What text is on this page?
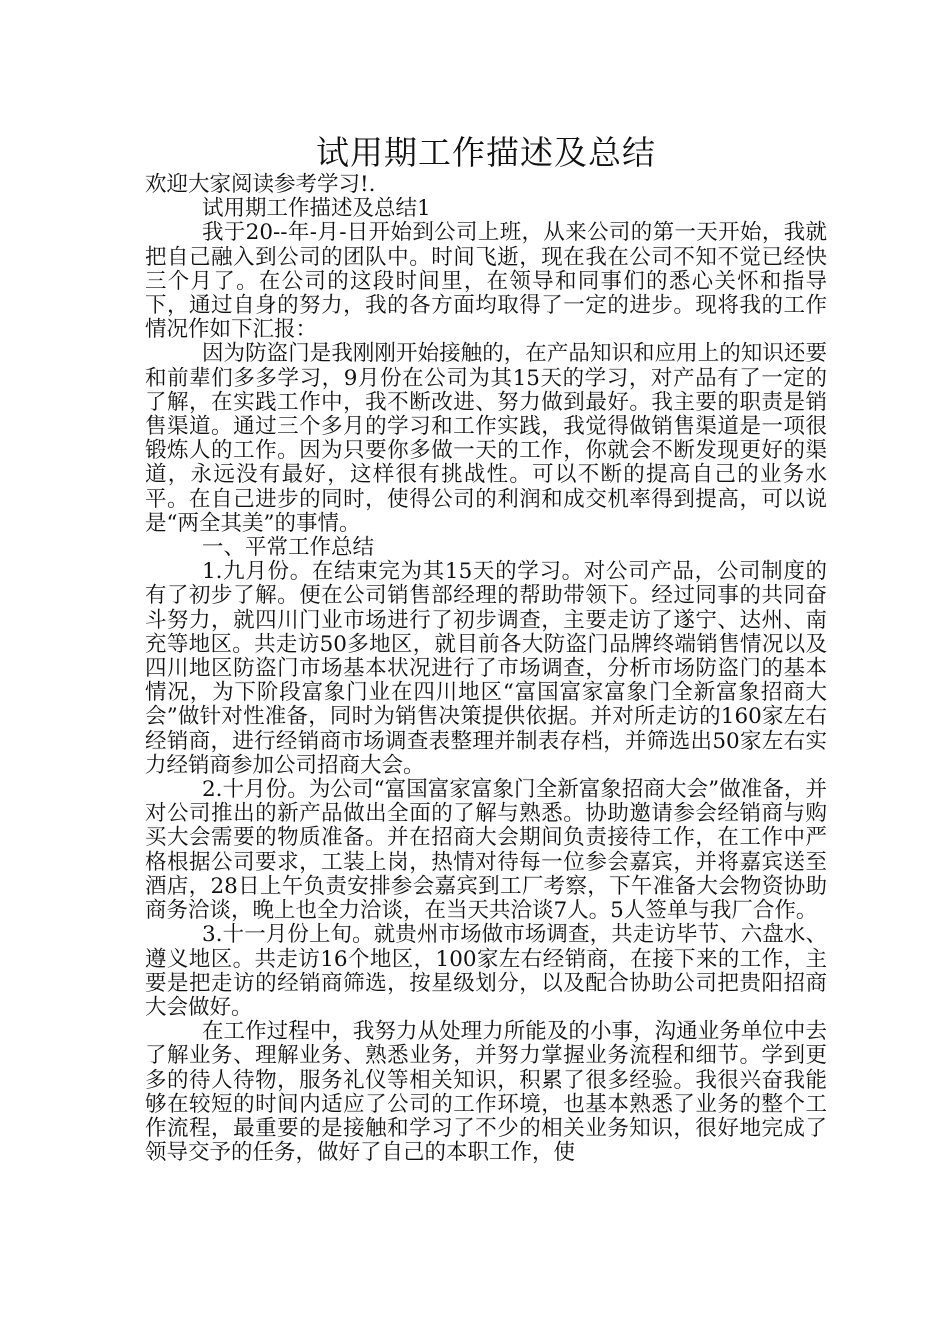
试用期工作描述及总结

欢迎大家阅读参考学习!.

试用期工作描述及总结1

我于20--年-月-日开始到公司上班，从来公司的第一天开始，我就把自己融入到公司的团队中。时间飞逝，现在我在公司不知不觉已经快三个月了。在公司的这段时间里，在领导和同事们的悉心关怀和指导下，通过自身的努力，我的各方面均取得了一定的进步。现将我的工作情况作如下汇报：

因为防盗门是我刚刚开始接触的，在产品知识和应用上的知识还要和前辈们多多学习，9月份在公司为其15天的学习，对产品有了一定的了解，在实践工作中，我不断改进、努力做到最好。我主要的职责是销售渠道。通过三个多月的学习和工作实践，我觉得做销售渠道是一项很锻炼人的工作。因为只要你多做一天的工作，你就会不断发现更好的渠道，永远没有最好，这样很有挑战性。可以不断的提高自己的业务水平。在自己进步的同时，使得公司的利润和成交机率得到提高，可以说是“两全其美”的事情。

一、平常工作总结

1.九月份。在结束完为其15天的学习。对公司产品，公司制度的有了初步了解。便在公司销售部经理的帮助带领下。经过同事的共同奋斗努力，就四川门业市场进行了初步调查，主要走访了遂宁、达州、南充等地区。共走访50多地区，就目前各大防盗门品牌终端销售情况以及四川地区防盗门市场基本状况进行了市场调查，分析市场防盗门的基本情况，为下阶段富象门业在四川地区“富国富家富象门全新富象招商大会”做针对性准备，同时为销售决策提供依据。并对所走访的160家左右经销商，进行经销商市场调查表整理并制表存档，并筛选出50家左右实力经销商参加公司招商大会。

2.十月份。为公司“富国富家富象门全新富象招商大会”做准备，并对公司推出的新产品做出全面的了解与熟悉。协助邀请参会经销商与购买大会需要的物质准备。并在招商大会期间负责接待工作，在工作中严格根据公司要求，工装上岗，热情对待每一位参会嘉宾，并将嘉宾送至酒店，28日上午负责安排参会嘉宾到工厂考察，下午准备大会物资协助商务洽谈，晚上也全力洽谈，在当天共洽谈7人。5人签单与我厂合作。

3.十一月份上旬。就贵州市场做市场调查，共走访毕节、六盘水、遵义地区。共走访16个地区，100家左右经销商，在接下来的工作，主要是把走访的经销商筛选，按星级划分，以及配合协助公司把贵阳招商大会做好。

在工作过程中，我努力从处理力所能及的小事，沟通业务单位中去了解业务、理解业务、熟悉业务，并努力掌握业务流程和细节。学到更多的待人待物，服务礼仪等相关知识，积累了很多经验。我很兴奋我能够在较短的时间内适应了公司的工作环境，也基本熟悉了业务的整个工作流程，最重要的是接触和学习了不少的相关业务知识，很好地完成了领导交予的任务，做好了自己的本职工作，使
